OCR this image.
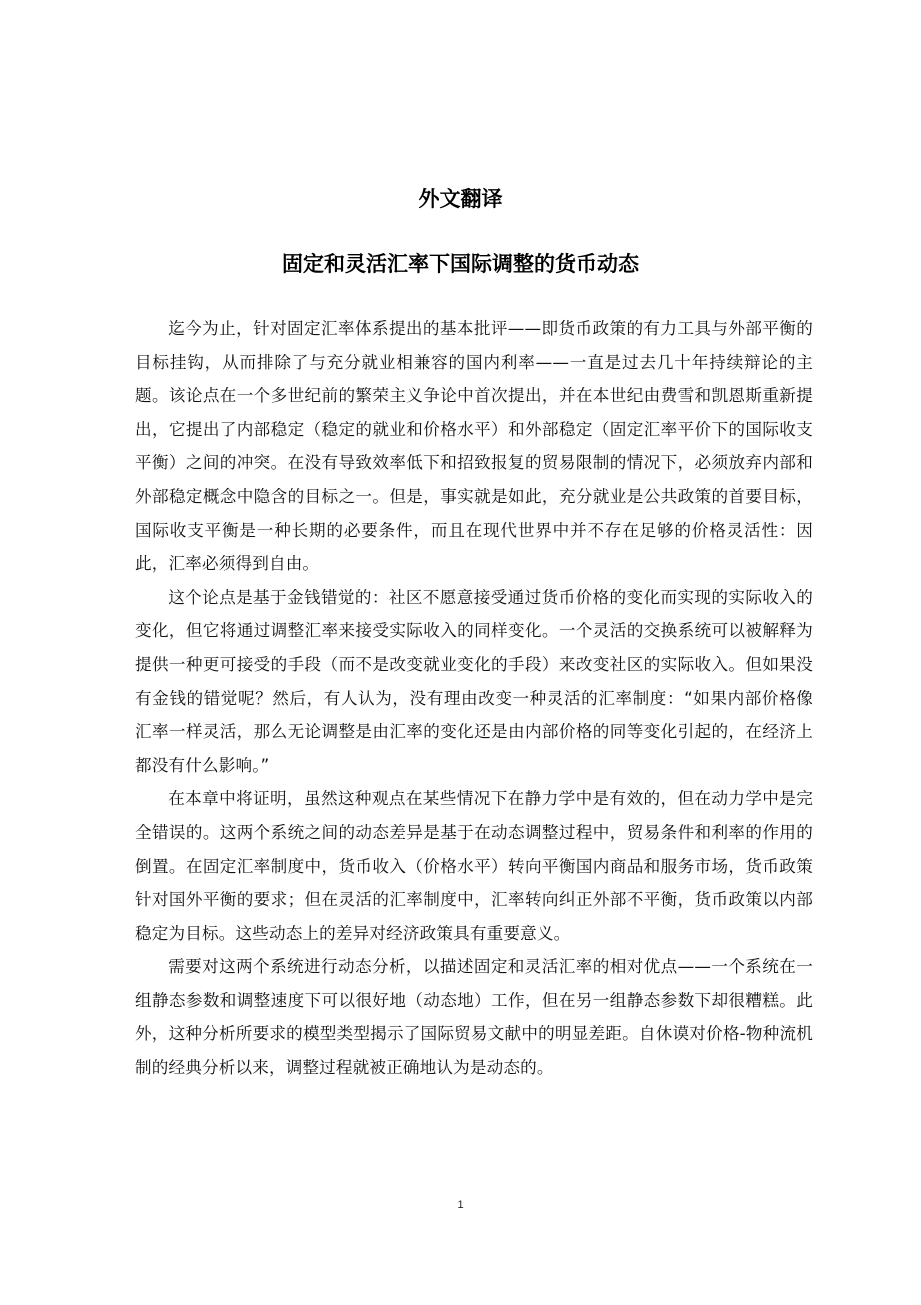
外文翻译
固定和灵活汇率下国际调整的货币动态

迄今为止，针对固定汇率体系提出的基本批评——即货币政策的有力工具与外部平衡的目标挂钩，从而排除了与充分就业相兼容的国内利率——一直是过去几十年持续辩论的主题。该论点在一个多世纪前的繁荣主义争论中首次提出，并在本世纪由费雪和凯恩斯重新提出，它提出了内部稳定（稳定的就业和价格水平）和外部稳定（固定汇率平价下的国际收支平衡）之间的冲突。在没有导致效率低下和招致报复的贸易限制的情况下，必须放弃内部和外部稳定概念中隐含的目标之一。但是，事实就是如此，充分就业是公共政策的首要目标，国际收支平衡是一种长期的必要条件，而且在现代世界中并不存在足够的价格灵活性：因此，汇率必须得到自由。

这个论点是基于金钱错觉的：社区不愿意接受通过货币价格的变化而实现的实际收入的变化，但它将通过调整汇率来接受实际收入的同样变化。一个灵活的交换系统可以被解释为提供一种更可接受的手段（而不是改变就业变化的手段）来改变社区的实际收入。但如果没有金钱的错觉呢？然后，有人认为，没有理由改变一种灵活的汇率制度：“如果内部价格像汇率一样灵活，那么无论调整是由汇率的变化还是由内部价格的同等变化引起的，在经济上都没有什么影响。”

在本章中将证明，虽然这种观点在某些情况下在静力学中是有效的，但在动力学中是完全错误的。这两个系统之间的动态差异是基于在动态调整过程中，贸易条件和利率的作用的倒置。在固定汇率制度中，货币收入（价格水平）转向平衡国内商品和服务市场，货币政策针对国外平衡的要求；但在灵活的汇率制度中，汇率转向纠正外部不平衡，货币政策以内部稳定为目标。这些动态上的差异对经济政策具有重要意义。

需要对这两个系统进行动态分析，以描述固定和灵活汇率的相对优点——一个系统在一组静态参数和调整速度下可以很好地（动态地）工作，但在另一组静态参数下却很糟糕。此外，这种分析所要求的模型类型揭示了国际贸易文献中的明显差距。自休谟对价格-物种流机制的经典分析以来，调整过程就被正确地认为是动态的。

1
